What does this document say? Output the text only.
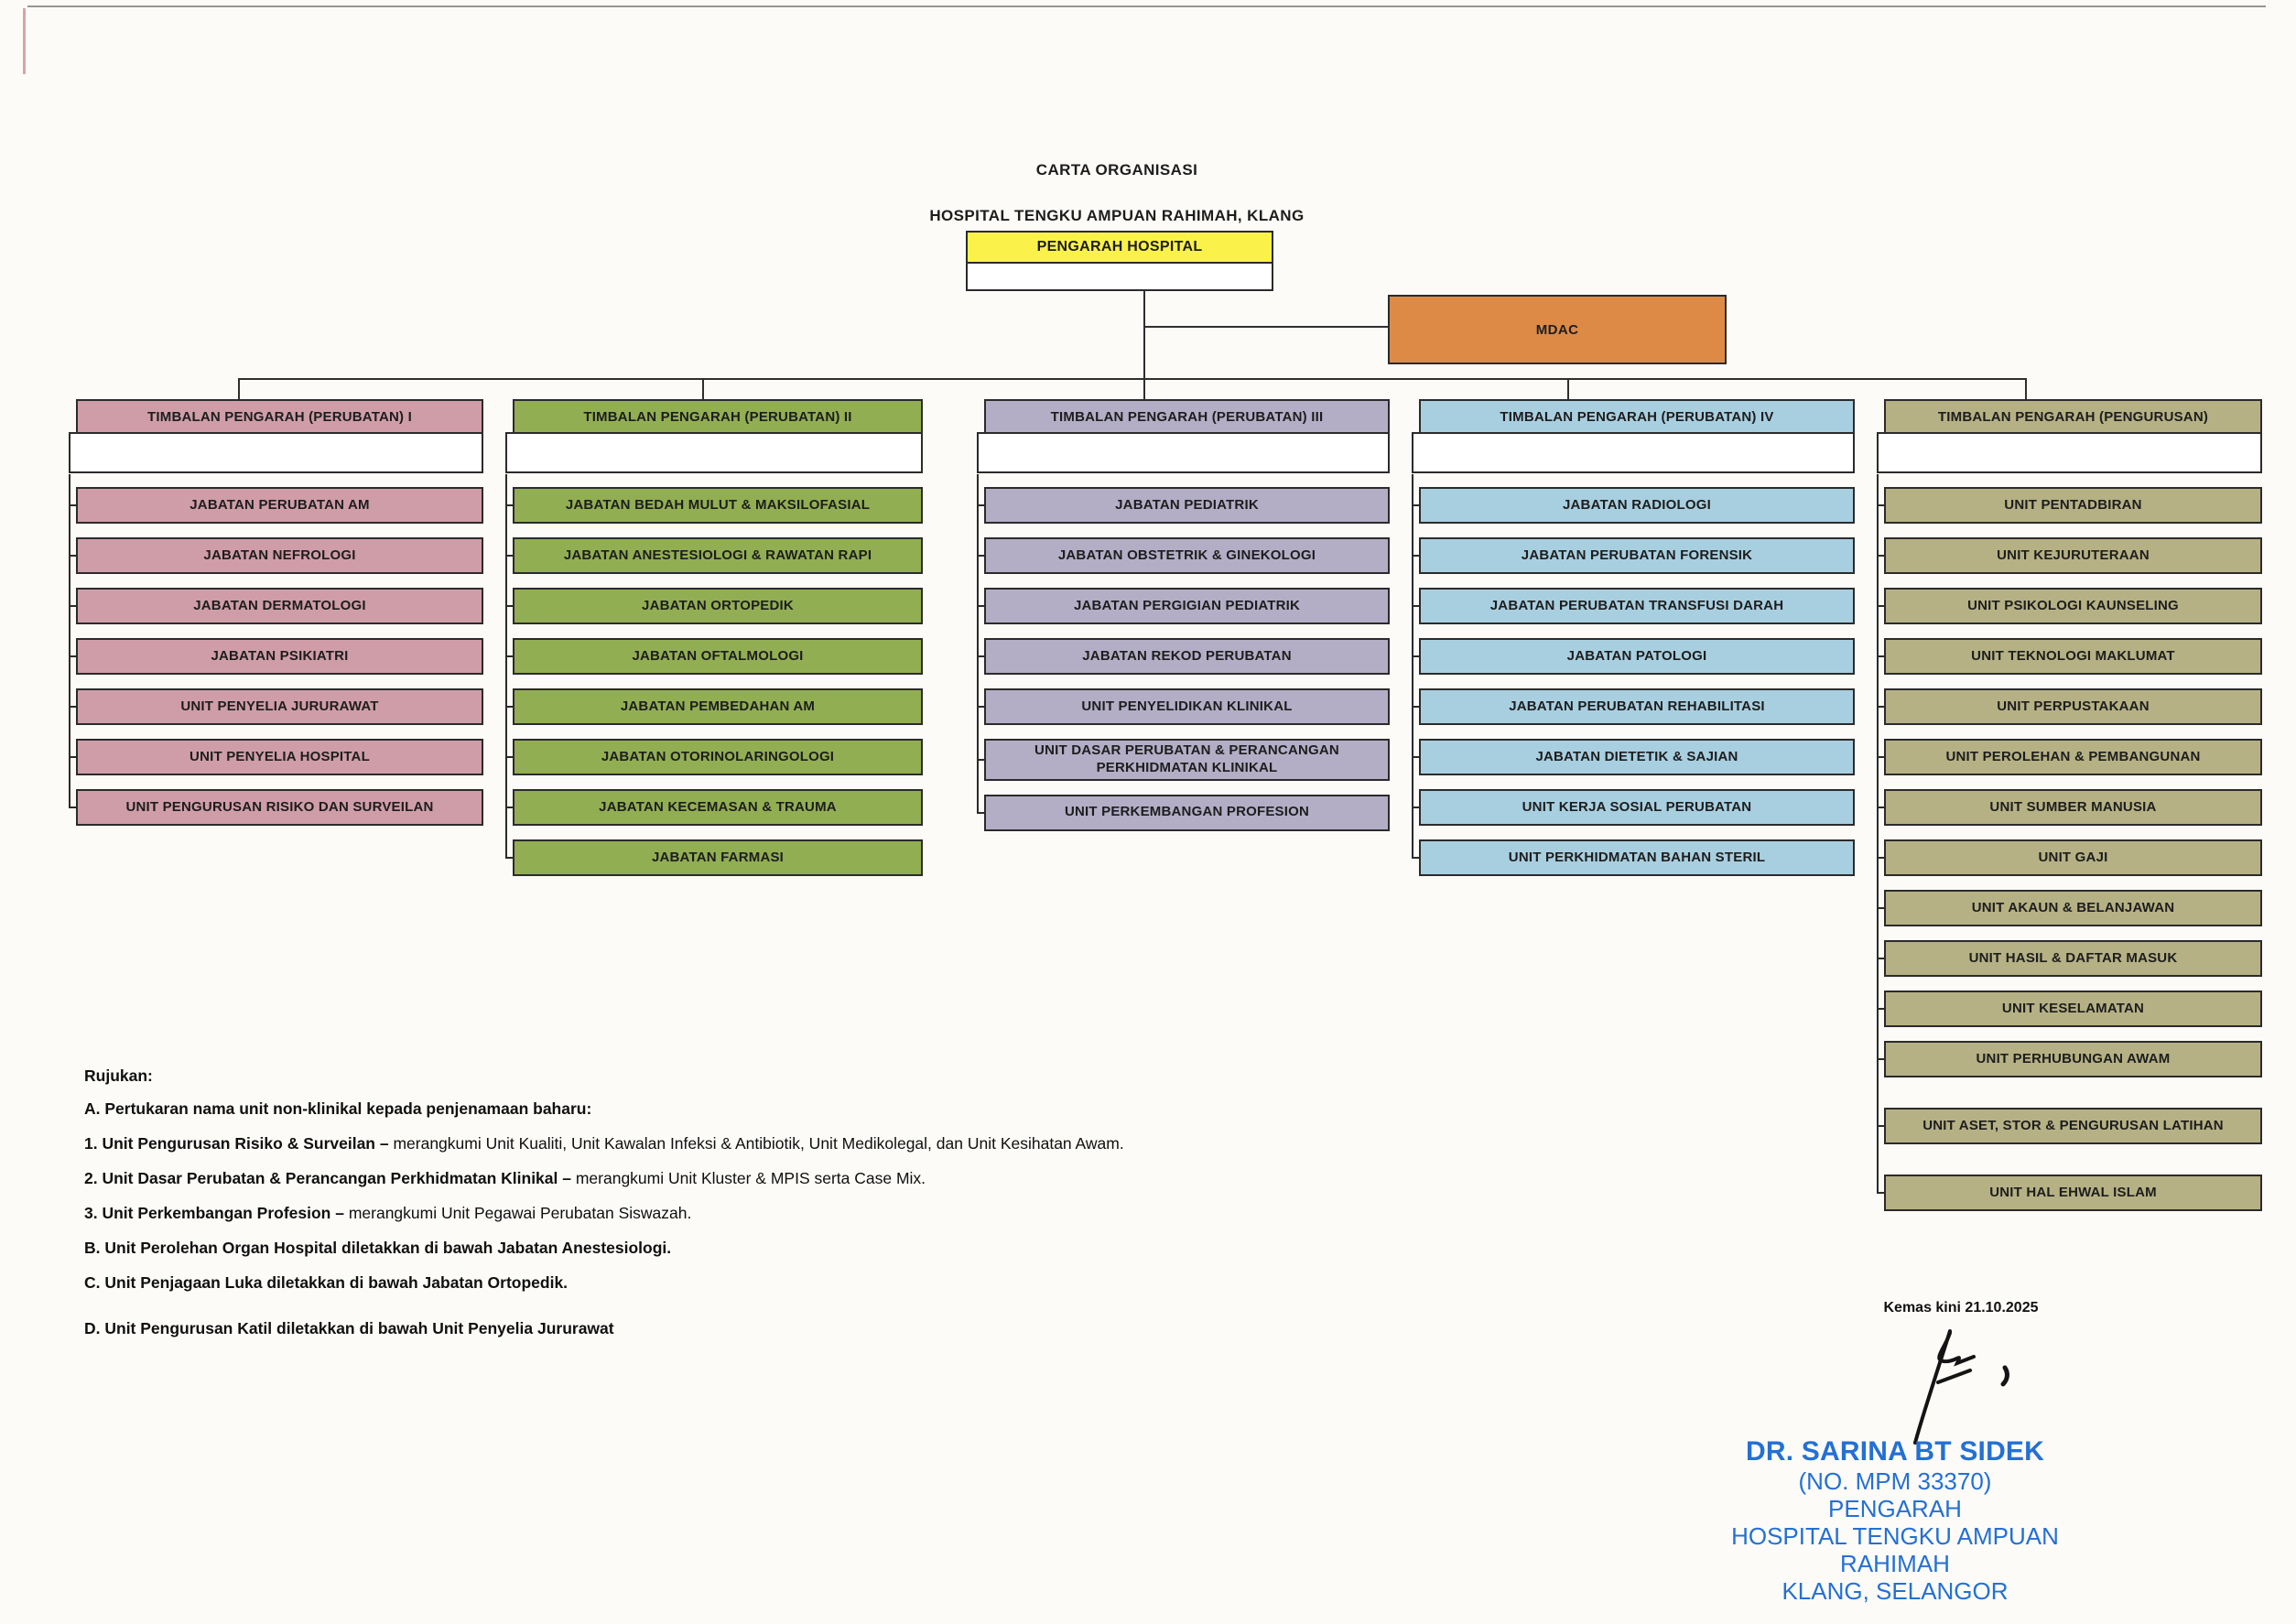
CARTA ORGANISASI
HOSPITAL TENGKU AMPUAN RAHIMAH, KLANG
PENGARAH HOSPITAL
MDAC
TIMBALAN PENGARAH (PERUBATAN) I
JABATAN PERUBATAN AM
JABATAN NEFROLOGI
JABATAN DERMATOLOGI
JABATAN PSIKIATRI
UNIT PENYELIA JURURAWAT
UNIT PENYELIA HOSPITAL
UNIT PENGURUSAN RISIKO DAN SURVEILAN
TIMBALAN PENGARAH (PERUBATAN) II
JABATAN BEDAH MULUT & MAKSILOFASIAL
JABATAN ANESTESIOLOGI & RAWATAN RAPI
JABATAN ORTOPEDIK
JABATAN OFTALMOLOGI
JABATAN PEMBEDAHAN AM
JABATAN OTORINOLARINGOLOGI
JABATAN KECEMASAN & TRAUMA
JABATAN FARMASI
TIMBALAN PENGARAH (PERUBATAN) III
JABATAN PEDIATRIK
JABATAN OBSTETRIK & GINEKOLOGI
JABATAN PERGIGIAN PEDIATRIK
JABATAN REKOD PERUBATAN
UNIT PENYELIDIKAN KLINIKAL
UNIT DASAR PERUBATAN & PERANCANGAN PERKHIDMATAN KLINIKAL
UNIT PERKEMBANGAN PROFESION
TIMBALAN PENGARAH (PERUBATAN) IV
JABATAN RADIOLOGI
JABATAN PERUBATAN FORENSIK
JABATAN PERUBATAN TRANSFUSI DARAH
JABATAN PATOLOGI
JABATAN PERUBATAN REHABILITASI
JABATAN DIETETIK & SAJIAN
UNIT KERJA SOSIAL PERUBATAN
UNIT PERKHIDMATAN BAHAN STERIL
TIMBALAN PENGARAH (PENGURUSAN)
UNIT PENTADBIRAN
UNIT KEJURUTERAAN
UNIT PSIKOLOGI KAUNSELING
UNIT TEKNOLOGI MAKLUMAT
UNIT PERPUSTAKAAN
UNIT PEROLEHAN & PEMBANGUNAN
UNIT SUMBER MANUSIA
UNIT GAJI
UNIT AKAUN & BELANJAWAN
UNIT HASIL & DAFTAR MASUK
UNIT KESELAMATAN
UNIT PERHUBUNGAN AWAM
UNIT ASET, STOR & PENGURUSAN LATIHAN
UNIT HAL EHWAL ISLAM
Rujukan:
A. Pertukaran nama unit non-klinikal kepada penjenamaan baharu:
1. Unit Pengurusan Risiko & Surveilan – merangkumi Unit Kualiti, Unit Kawalan Infeksi & Antibiotik, Unit Medikolegal, dan Unit Kesihatan Awam.
2. Unit Dasar Perubatan & Perancangan Perkhidmatan Klinikal – merangkumi Unit Kluster & MPIS serta Case Mix.
3. Unit Perkembangan Profesion – merangkumi Unit Pegawai Perubatan Siswazah.
B. Unit Perolehan Organ Hospital diletakkan di bawah Jabatan Anestesiologi.
C. Unit Penjagaan Luka diletakkan di bawah Jabatan Ortopedik.
D. Unit Pengurusan Katil diletakkan di bawah Unit Penyelia Jururawat
Kemas kini 21.10.2025
DR. SARINA BT SIDEK
(NO. MPM 33370)
PENGARAH
HOSPITAL TENGKU AMPUAN RAHIMAH
KLANG, SELANGOR
